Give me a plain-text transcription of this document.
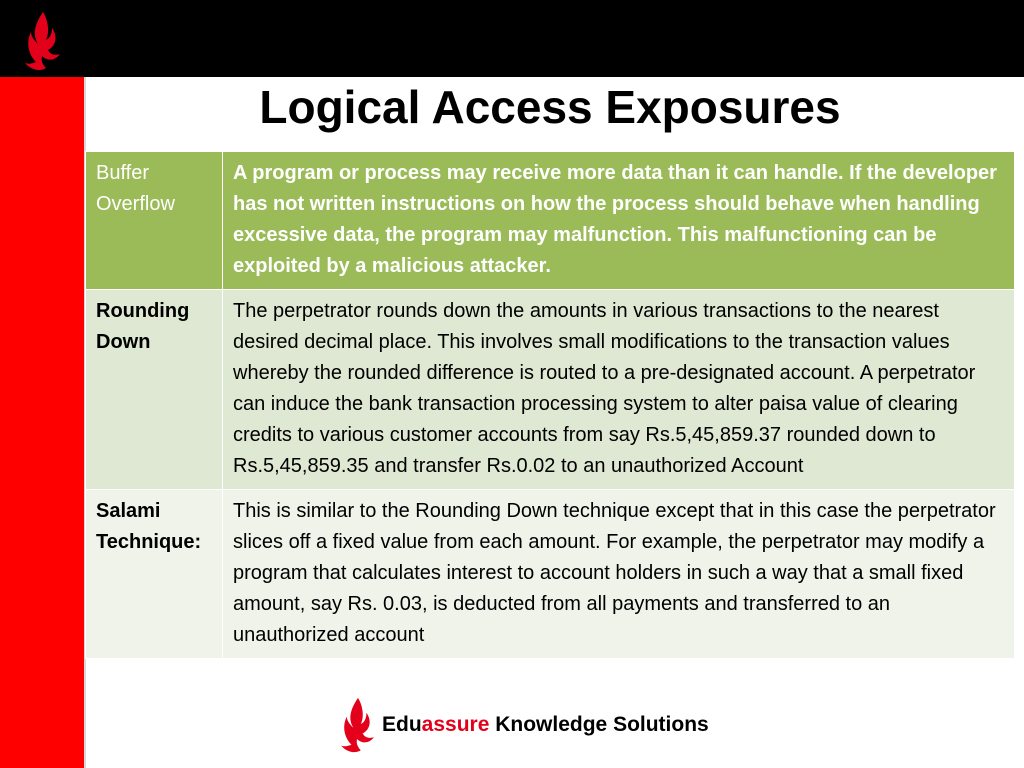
Logical Access Exposures
Buffer Overflow	A program or process may receive more data than it can handle. If the developer has not written instructions on how the process should behave when handling excessive data, the program may malfunction. This malfunctioning can be exploited by a malicious attacker.
Rounding Down	The perpetrator rounds down the amounts in various transactions to the nearest desired decimal place. This involves small modifications to the transaction values whereby the rounded difference is routed to a pre-designated account. A perpetrator can induce the bank transaction processing system to alter paisa value of clearing credits to various customer accounts from say Rs.5,45,859.37 rounded down to Rs.5,45,859.35 and transfer Rs.0.02 to an unauthorized Account
Salami Technique:	This is similar to the Rounding Down technique except that in this case the perpetrator slices off a fixed value from each amount. For example, the perpetrator may modify a program that calculates interest to account holders in such a way that a small fixed amount, say Rs. 0.03, is deducted from all payments and transferred to an unauthorized account
Eduassure Knowledge Solutions
